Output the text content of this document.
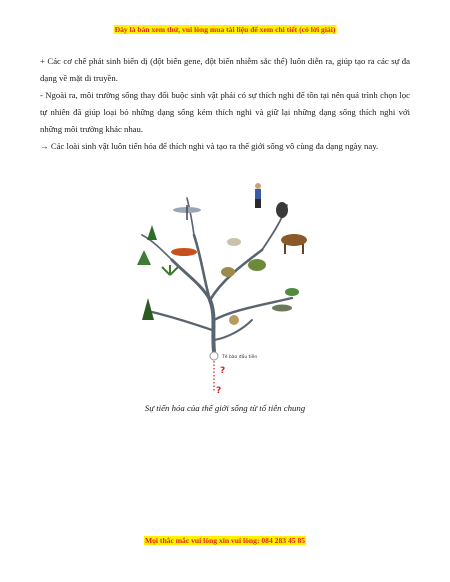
Đây là bản xem thử, vui lòng mua tài liệu để xem chi tiết (có lời giải)

+ Các cơ chế phát sinh biến dị (đột biến gene, đột biến nhiễm sắc thể) luôn diễn ra, giúp tạo ra các sự đa dạng về mặt di truyền.

- Ngoài ra, môi trường sống thay đổi buộc sinh vật phải có sự thích nghi để tồn tại nên quá trình chọn lọc tự nhiên đã giúp loại bỏ những dạng sống kém thích nghi và giữ lại những dạng sống thích nghi với những môi trường khác nhau.

→ Các loài sinh vật luôn tiến hóa để thích nghi và tạo ra thế giới sống vô cùng đa dạng ngày nay.

Tế bào đầu tiên
?
?
Sự tiến hóa của thế giới sống từ tổ tiên chung
Mọi thắc mắc vui lòng xin vui lòng: 084 283 45 85
